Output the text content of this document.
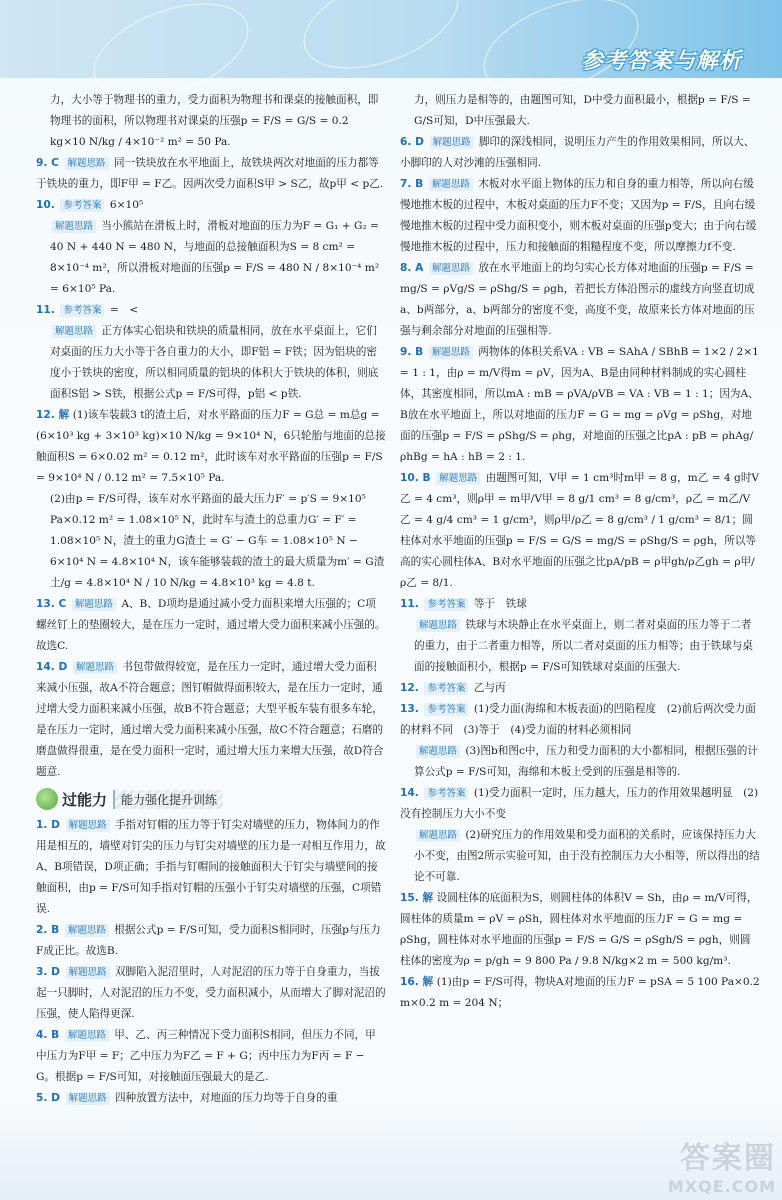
参考答案与解析

力，大小等于物理书的重力，受力面积为物理书和课桌的接触面积，即物理书的面积，所以物理书对课桌的压强p = F/S = G/S = 0.2 kg×10 N/kg / 4×10⁻² m² = 50 Pa.

9. C 解题思路 同一铁块放在水平地面上，故铁块两次对地面的压力都等于铁块的重力，即F甲 = F乙。因两次受力面积S甲 > S乙，故p甲 < p乙.

10. 参考答案 6×10⁵

解题思路 当小熊站在滑板上时，滑板对地面的压力为F = G₁ + G₂ = 40 N + 440 N = 480 N，与地面的总接触面积为S = 8 cm² = 8×10⁻⁴ m²，所以滑板对地面的压强p = F/S = 480 N / 8×10⁻⁴ m² = 6×10⁵ Pa.

11. 参考答案 =　<

解题思路 正方体实心铝块和铁块的质量相同，放在水平桌面上，它们对桌面的压力大小等于各自重力的大小，即F铝 = F铁；因为铝块的密度小于铁块的密度，所以相同质量的铝块的体积大于铁块的体积，则底面积S铝 > S铁，根据公式p = F/S可得，p铝 < p铁.

12. 解 (1)该车装载3 t的渣土后，对水平路面的压力F = G总 = m总g = (6×10³ kg + 3×10³ kg)×10 N/kg = 9×10⁴ N，6只轮胎与地面的总接触面积S = 6×0.02 m² = 0.12 m²，此时该车对水平路面的压强p = F/S = 9×10⁴ N / 0.12 m² = 7.5×10⁵ Pa.

(2)由p = F/S可得，该车对水平路面的最大压力F′ = p′S = 9×10⁵ Pa×0.12 m² = 1.08×10⁵ N，此时车与渣土的总重力G′ = F′ = 1.08×10⁵ N，渣土的重力G渣土 = G′ − G车 = 1.08×10⁵ N − 6×10⁴ N = 4.8×10⁴ N，该车能够装载的渣土的最大质量为m′ = G渣土/g = 4.8×10⁴ N / 10 N/kg = 4.8×10³ kg = 4.8 t.

13. C 解题思路 A、B、D项均是通过减小受力面积来增大压强的；C项螺丝钉上的垫圈较大，是在压力一定时，通过增大受力面积来减小压强的。故选C.

14. D 解题思路 书包带做得较宽，是在压力一定时，通过增大受力面积来减小压强，故A不符合题意；图钉帽做得面积较大，是在压力一定时，通过增大受力面积来减小压强，故B不符合题意；大型平板车装有很多车轮，是在压力一定时，通过增大受力面积来减小压强，故C不符合题意；石磨的磨盘做得很重，是在受力面积一定时，通过增大压力来增大压强，故D符合题意.

1. D 解题思路 手指对钉帽的压力等于钉尖对墙壁的压力，物体间力的作用是相互的，墙壁对钉尖的压力与钉尖对墙壁的压力是一对相互作用力，故A、B项错误，D项正确；手指与钉帽间的接触面积大于钉尖与墙壁间的接触面积，由p = F/S可知手指对钉帽的压强小于钉尖对墙壁的压强，C项错误.

2. B 解题思路 根据公式p = F/S可知，受力面积S相同时，压强p与压力F成正比。故选B.

3. D 解题思路 双脚陷入泥沼里时，人对泥沼的压力等于自身重力，当拔起一只脚时，人对泥沼的压力不变，受力面积减小，从而增大了脚对泥沼的压强，使人陷得更深.

4. B 解题思路 甲、乙、丙三种情况下受力面积S相同，但压力不同，甲中压力为F甲 = F；乙中压力为F乙 = F + G；丙中压力为F丙 = F − G。根据p = F/S可知，对接触面压强最大的是乙.

5. D 解题思路 四种放置方法中，对地面的压力均等于自身的重

过能力	能力强化提升训练

力，则压力是相等的，由题图可知，D中受力面积最小，根据p = F/S = G/S可知，D中压强最大.

6. D 解题思路 脚印的深浅相同，说明压力产生的作用效果相同，所以大、小脚印的人对沙滩的压强相同.

7. B 解题思路 木板对水平面上物体的压力和自身的重力相等，所以向右缓慢地推木板的过程中，木板对桌面的压力F不变；又因为p = F/S，且向右缓慢地推木板的过程中受力面积变小，则木板对桌面的压强p变大；由于向右缓慢地推木板的过程中，压力和接触面的粗糙程度不变，所以摩擦力f不变.

8. A 解题思路 放在水平地面上的均匀实心长方体对地面的压强p = F/S = mg/S = ρVg/S = ρShg/S = ρgh，若把长方体沿图示的虚线方向竖直切成a、b两部分，a、b两部分的密度不变，高度不变，故原来长方体对地面的压强与剩余部分对地面的压强相等.

9. B 解题思路 两物体的体积关系VA : VB = SAhA / SBhB = 1×2 / 2×1 = 1 : 1，由ρ = m/V得m = ρV，因为A、B是由同种材料制成的实心圆柱体，其密度相同，所以mA : mB = ρVA/ρVB = VA : VB = 1 : 1；因为A、B放在水平地面上，所以对地面的压力F = G = mg = ρVg = ρShg，对地面的压强p = F/S = ρShg/S = ρhg，对地面的压强之比pA : pB = ρhAg/ρhBg = hA : hB = 2 : 1.

10. B 解题思路 由题图可知，V甲 = 1 cm³时m甲 = 8 g，m乙 = 4 g时V乙 = 4 cm³，则ρ甲 = m甲/V甲 = 8 g/1 cm³ = 8 g/cm³，ρ乙 = m乙/V乙 = 4 g/4 cm³ = 1 g/cm³，则ρ甲/ρ乙 = 8 g/cm³ / 1 g/cm³ = 8/1；圆柱体对水平地面的压强p = F/S = G/S = mg/S = ρShg/S = ρgh，所以等高的实心圆柱体A、B对水平地面的压强之比pA/pB = ρ甲gh/ρ乙gh = ρ甲/ρ乙 = 8/1.

11. 参考答案 等于　铁球

解题思路 铁球与木块静止在水平桌面上，则二者对桌面的压力等于二者的重力，由于二者重力相等，所以二者对桌面的压力相等；由于铁球与桌面的接触面积小，根据p = F/S可知铁球对桌面的压强大.

12. 参考答案 乙与丙

13. 参考答案 (1)受力面(海绵和木板表面)的凹陷程度　(2)前后两次受力面的材料不同　(3)等于　(4)受力面的材料必须相同

解题思路 (3)图b和图c中，压力和受力面积的大小都相同，根据压强的计算公式p = F/S可知，海绵和木板上受到的压强是相等的.

14. 参考答案 (1)受力面积一定时，压力越大，压力的作用效果越明显　(2)没有控制压力大小不变

解题思路 (2)研究压力的作用效果和受力面积的关系时，应该保持压力大小不变，由图2所示实验可知，由于没有控制压力大小相等，所以得出的结论不可靠.

15. 解 设圆柱体的底面积为S，则圆柱体的体积V = Sh，由ρ = m/V可得，圆柱体的质量m = ρV = ρSh，圆柱体对水平地面的压力F = G = mg = ρShg，圆柱体对水平地面的压强p = F/S = G/S = ρSgh/S = ρgh，则圆柱体的密度为ρ = p/gh = 9 800 Pa / 9.8 N/kg×2 m = 500 kg/m³.

16. 解 (1)由p = F/S可得，物块A对地面的压力F = pSA = 5 100 Pa×0.2 m×0.2 m = 204 N；

答案圈
MXQE.COM
